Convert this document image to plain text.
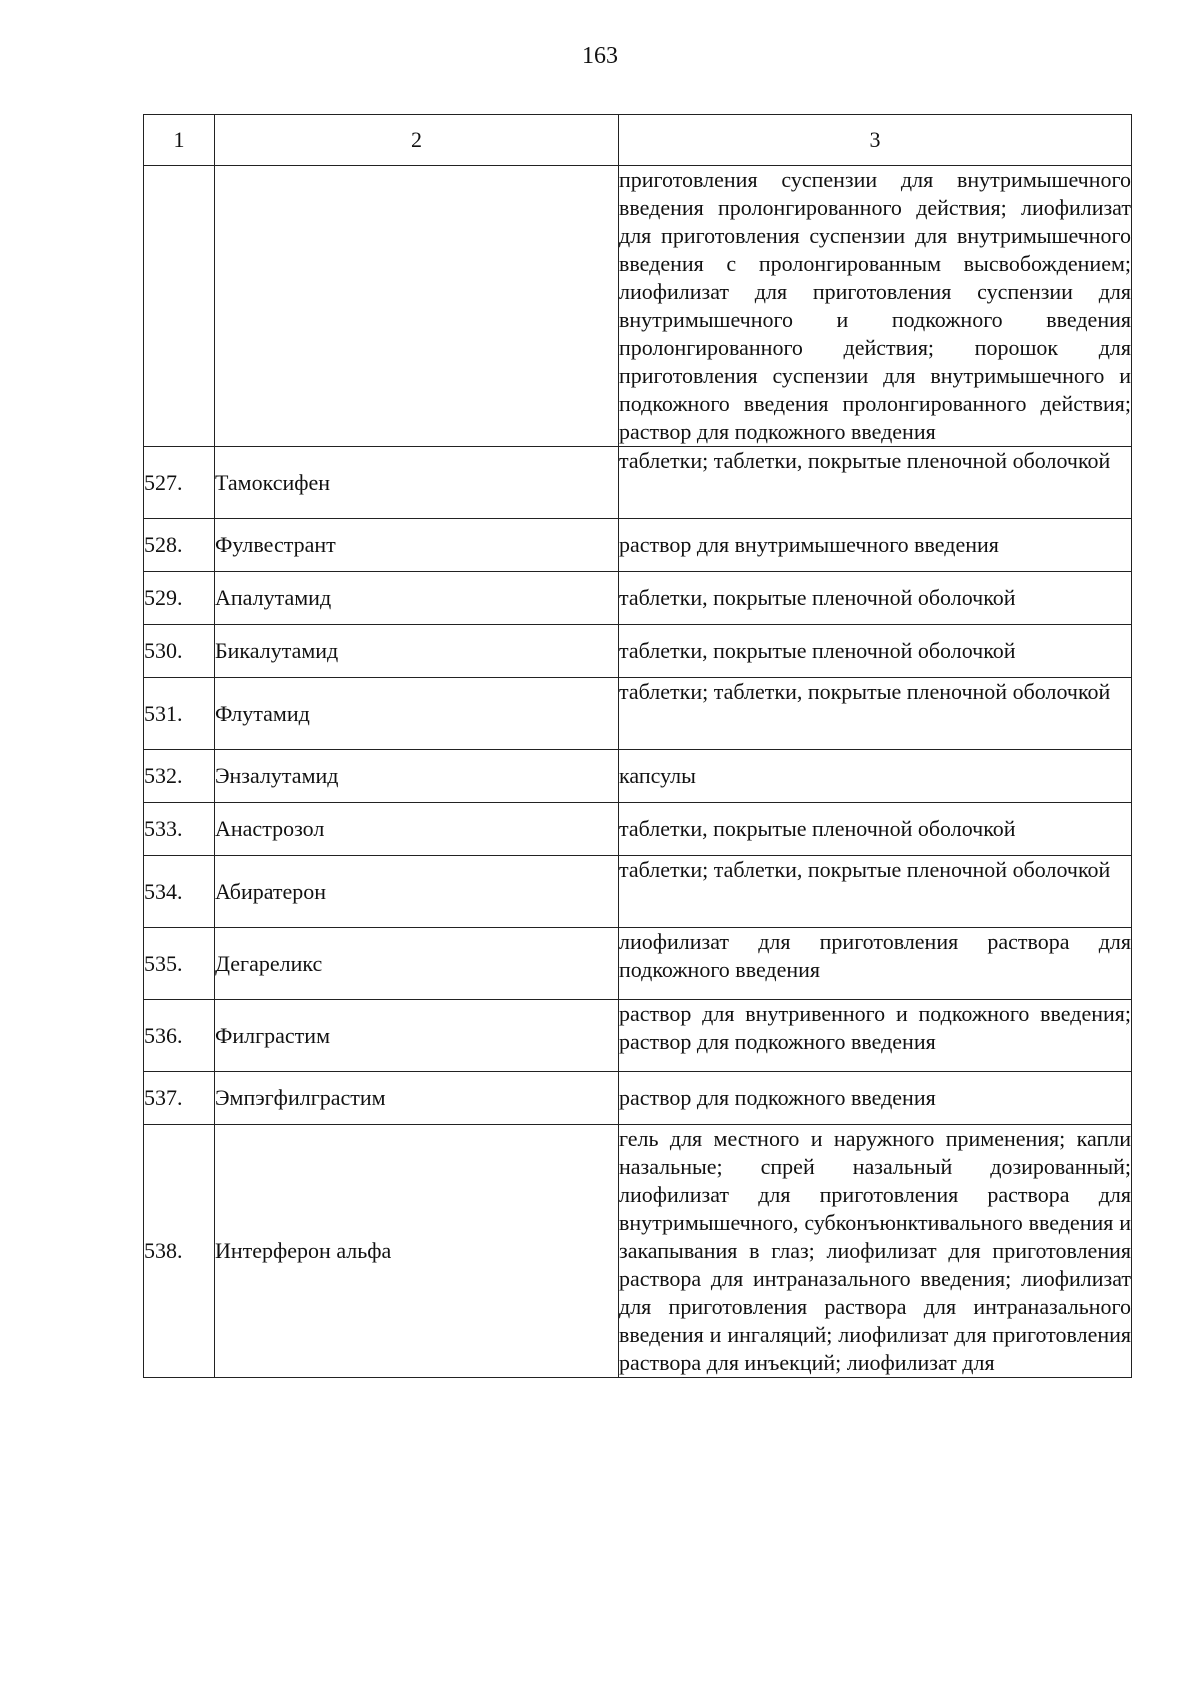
163
1	2	3
		приготовления суспензии для внутримышечного введения пролонгированного действия; лиофилизат для приготовления суспензии для внутримышечного введения с пролонгированным высвобождением; лиофилизат для приготовления суспензии для внутримышечного и подкожного введения пролонгированного действия; порошок для приготовления суспензии для внутримышечного и подкожного введения пролонгированного действия; раствор для подкожного введения
527.	Тамоксифен	таблетки; таблетки, покрытые пленочной оболочкой
528.	Фулвестрант	раствор для внутримышечного введения
529.	Апалутамид	таблетки, покрытые пленочной оболочкой
530.	Бикалутамид	таблетки, покрытые пленочной оболочкой
531.	Флутамид	таблетки; таблетки, покрытые пленочной оболочкой
532.	Энзалутамид	капсулы
533.	Анастрозол	таблетки, покрытые пленочной оболочкой
534.	Абиратерон	таблетки; таблетки, покрытые пленочной оболочкой
535.	Дегареликс	лиофилизат для приготовления раствора для подкожного введения
536.	Филграстим	раствор для внутривенного и подкожного введения; раствор для подкожного введения
537.	Эмпэгфилграстим	раствор для подкожного введения
538.	Интерферон альфа	гель для местного и наружного применения; капли назальные; спрей назальный дозированный; лиофилизат для приготовления раствора для внутримышечного, субконъюнктивального введения и закапывания в глаз; лиофилизат для приготовления раствора для интраназального введения; лиофилизат для приготовления раствора для интраназального введения и ингаляций; лиофилизат для приготовления раствора для инъекций; лиофилизат для
